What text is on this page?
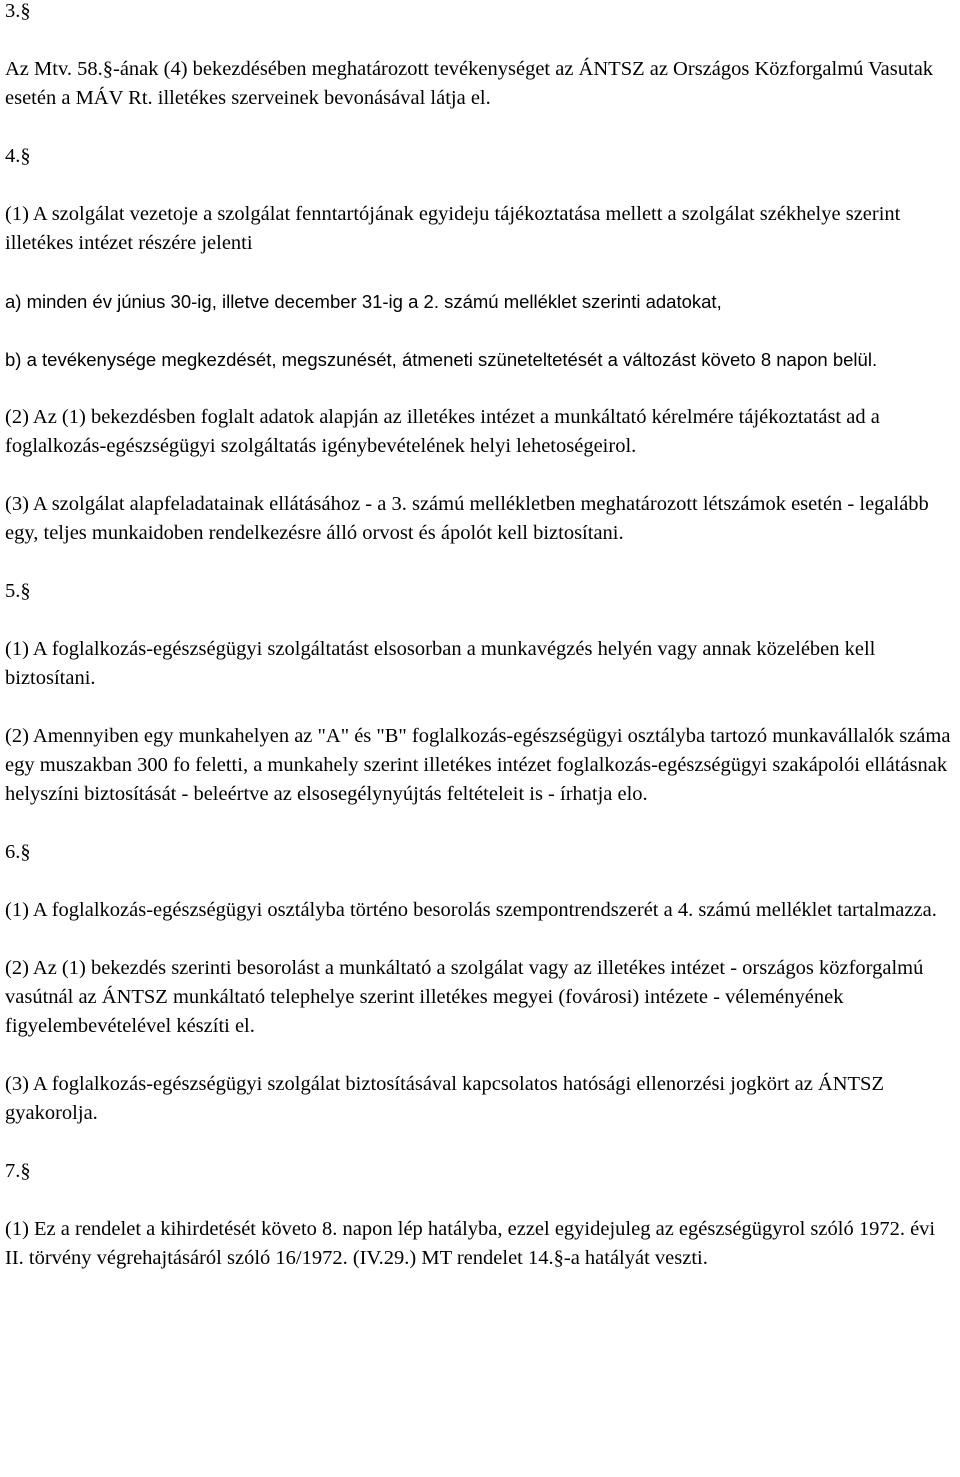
3.§
Az Mtv. 58.§-ának (4) bekezdésében meghatározott tevékenységet az ÁNTSZ az Országos Közforgalmú Vasutak esetén a MÁV Rt. illetékes szerveinek bevonásával látja el.
4.§
(1) A szolgálat vezetoje a szolgálat fenntartójának egyideju tájékoztatása mellett a szolgálat székhelye szerint illetékes intézet részére jelenti
a) minden év június 30-ig, illetve december 31-ig a 2. számú melléklet szerinti adatokat,
b) a tevékenysége megkezdését, megszunését, átmeneti szüneteltetését a változást követo 8 napon belül.
(2) Az (1) bekezdésben foglalt adatok alapján az illetékes intézet a munkáltató kérelmére tájékoztatást ad a foglalkozás-egészségügyi szolgáltatás igénybevételének helyi lehetoségeirol.
(3) A szolgálat alapfeladatainak ellátásához - a 3. számú mellékletben meghatározott létszámok esetén - legalább egy, teljes munkaidoben rendelkezésre álló orvost és ápolót kell biztosítani.
5.§
(1) A foglalkozás-egészségügyi szolgáltatást elsosorban a munkavégzés helyén vagy annak közelében kell biztosítani.
(2) Amennyiben egy munkahelyen az "A" és "B" foglalkozás-egészségügyi osztályba tartozó munkavállalók száma egy muszakban 300 fo feletti, a munkahely szerint illetékes intézet foglalkozás-egészségügyi szakápolói ellátásnak helyszíni biztosítását - beleértve az elsosegélynyújtás feltételeit is - írhatja elo.
6.§
(1) A foglalkozás-egészségügyi osztályba történo besorolás szempontrendszerét a 4. számú melléklet tartalmazza.
(2) Az (1) bekezdés szerinti besorolást a munkáltató a szolgálat vagy az illetékes intézet - országos közforgalmú vasútnál az ÁNTSZ munkáltató telephelye szerint illetékes megyei (fovárosi) intézete - véleményének figyelembevételével készíti el.
(3) A foglalkozás-egészségügyi szolgálat biztosításával kapcsolatos hatósági ellenorzési jogkört az ÁNTSZ gyakorolja.
7.§
(1) Ez a rendelet a kihirdetését követo 8. napon lép hatályba, ezzel egyidejuleg az egészségügyrol szóló 1972. évi II. törvény végrehajtásáról szóló 16/1972. (IV.29.) MT rendelet 14.§-a hatályát veszti.
